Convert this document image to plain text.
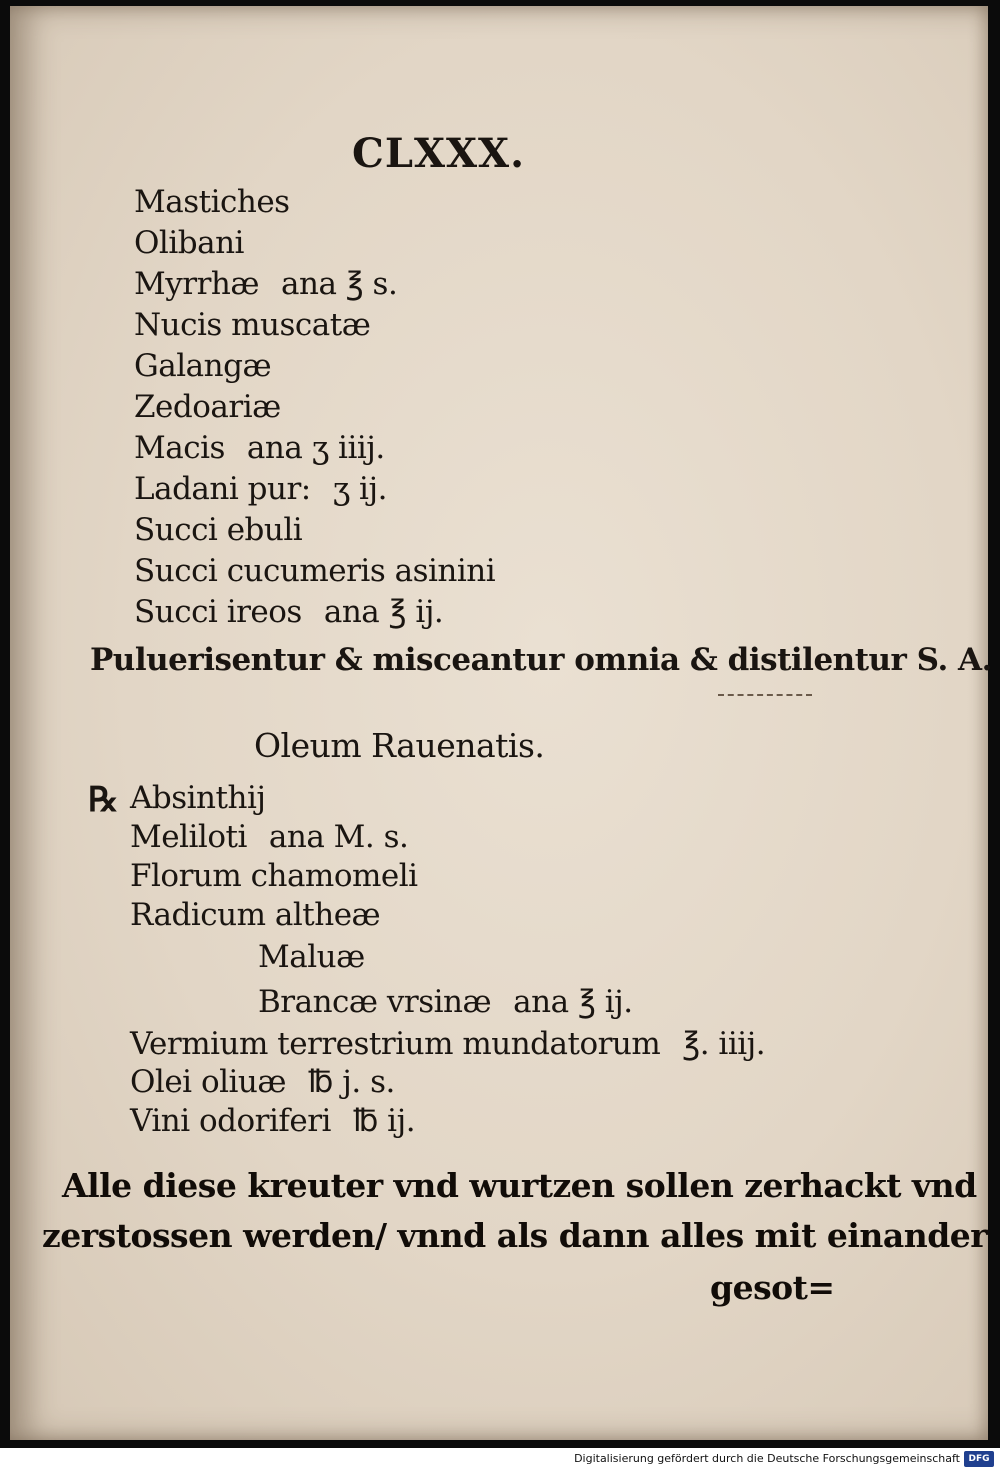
CLXXX.
Mastiches
Olibani
Myrrhæ ana ℥ s.
Nucis muscatæ
Galangæ
Zedoariæ
Macis ana ʒ iiij.
Ladani pur: ʒ ij.
Succi ebuli
Succi cucumeris asinini
Succi ireos ana ℥ ij.
Puluerisentur & misceantur omnia & distilentur S. A.
Oleum Rauenatis.
℞ Absinthij
Meliloti ana M. s.
Florum chamomeli
Radicum altheæ
Maluæ
Brancæ vrsinæ ana ℥ ij.
Vermium terrestrium mundatorum ℥. iiij.
Olei oliuæ ℔ j. s.
Vini odoriferi ℔ ij.
Alle diese kreuter vnd wurtzen sollen zerhackt vnd
zerstossen werden/ vnnd als dann alles mit einander
gesot=
Digitalisierung gefördert durch die Deutsche Forschungsgemeinschaft DFG
